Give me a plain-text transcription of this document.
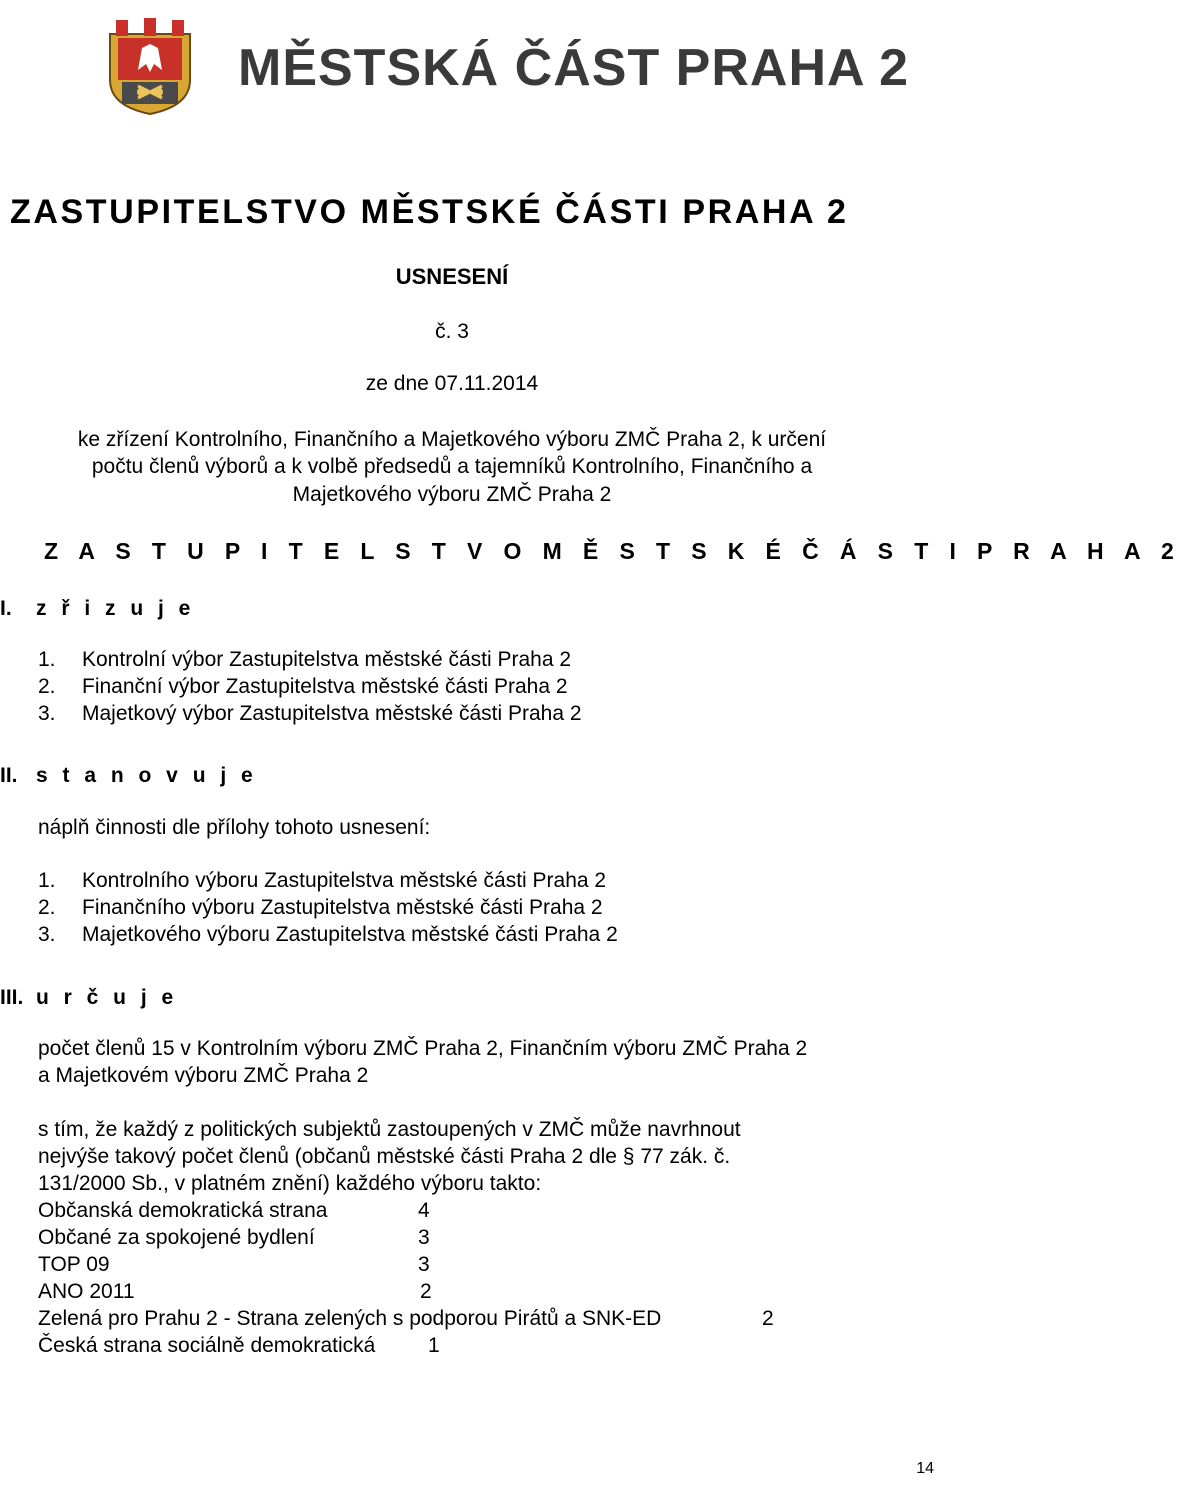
MĚSTSKÁ ČÁST PRAHA 2
ZASTUPITELSTVO MĚSTSKÉ ČÁSTI PRAHA 2
USNESENÍ
č. 3
ze dne 07.11.2014
ke zřízení Kontrolního, Finančního a Majetkového výboru ZMČ Praha 2, k určení
počtu členů výborů a k volbě předsedů a tajemníků Kontrolního, Finančního a
Majetkového výboru ZMČ Praha 2
Z A S T U P I T E L S T V O M Ě S T S K É Č Á S T I P R A H A 2
I. z ř i z u j e
1. Kontrolní výbor Zastupitelstva městské části Praha 2
2. Finanční výbor Zastupitelstva městské části Praha 2
3. Majetkový výbor Zastupitelstva městské části Praha 2
II. s t a n o v u j e
náplň činnosti dle přílohy tohoto usnesení:
1. Kontrolního výboru Zastupitelstva městské části Praha 2
2. Finančního výboru Zastupitelstva městské části Praha 2
3. Majetkového výboru Zastupitelstva městské části Praha 2
III. u r č u j e
počet členů 15 v Kontrolním výboru ZMČ Praha 2, Finančním výboru ZMČ Praha 2
a Majetkovém výboru ZMČ Praha 2
s tím, že každý z politických subjektů zastoupených v ZMČ může navrhnout
nejvýše takový počet členů (občanů městské části Praha 2 dle § 77 zák. č.
131/2000 Sb., v platném znění) každého výboru takto:
Občanská demokratická strana	4
Občané za spokojené bydlení	3
TOP 09	3
ANO 2011	2
Zelená pro Prahu 2 - Strana zelených s podporou Pirátů a SNK-ED	2
Česká strana sociálně demokratická	1
14
